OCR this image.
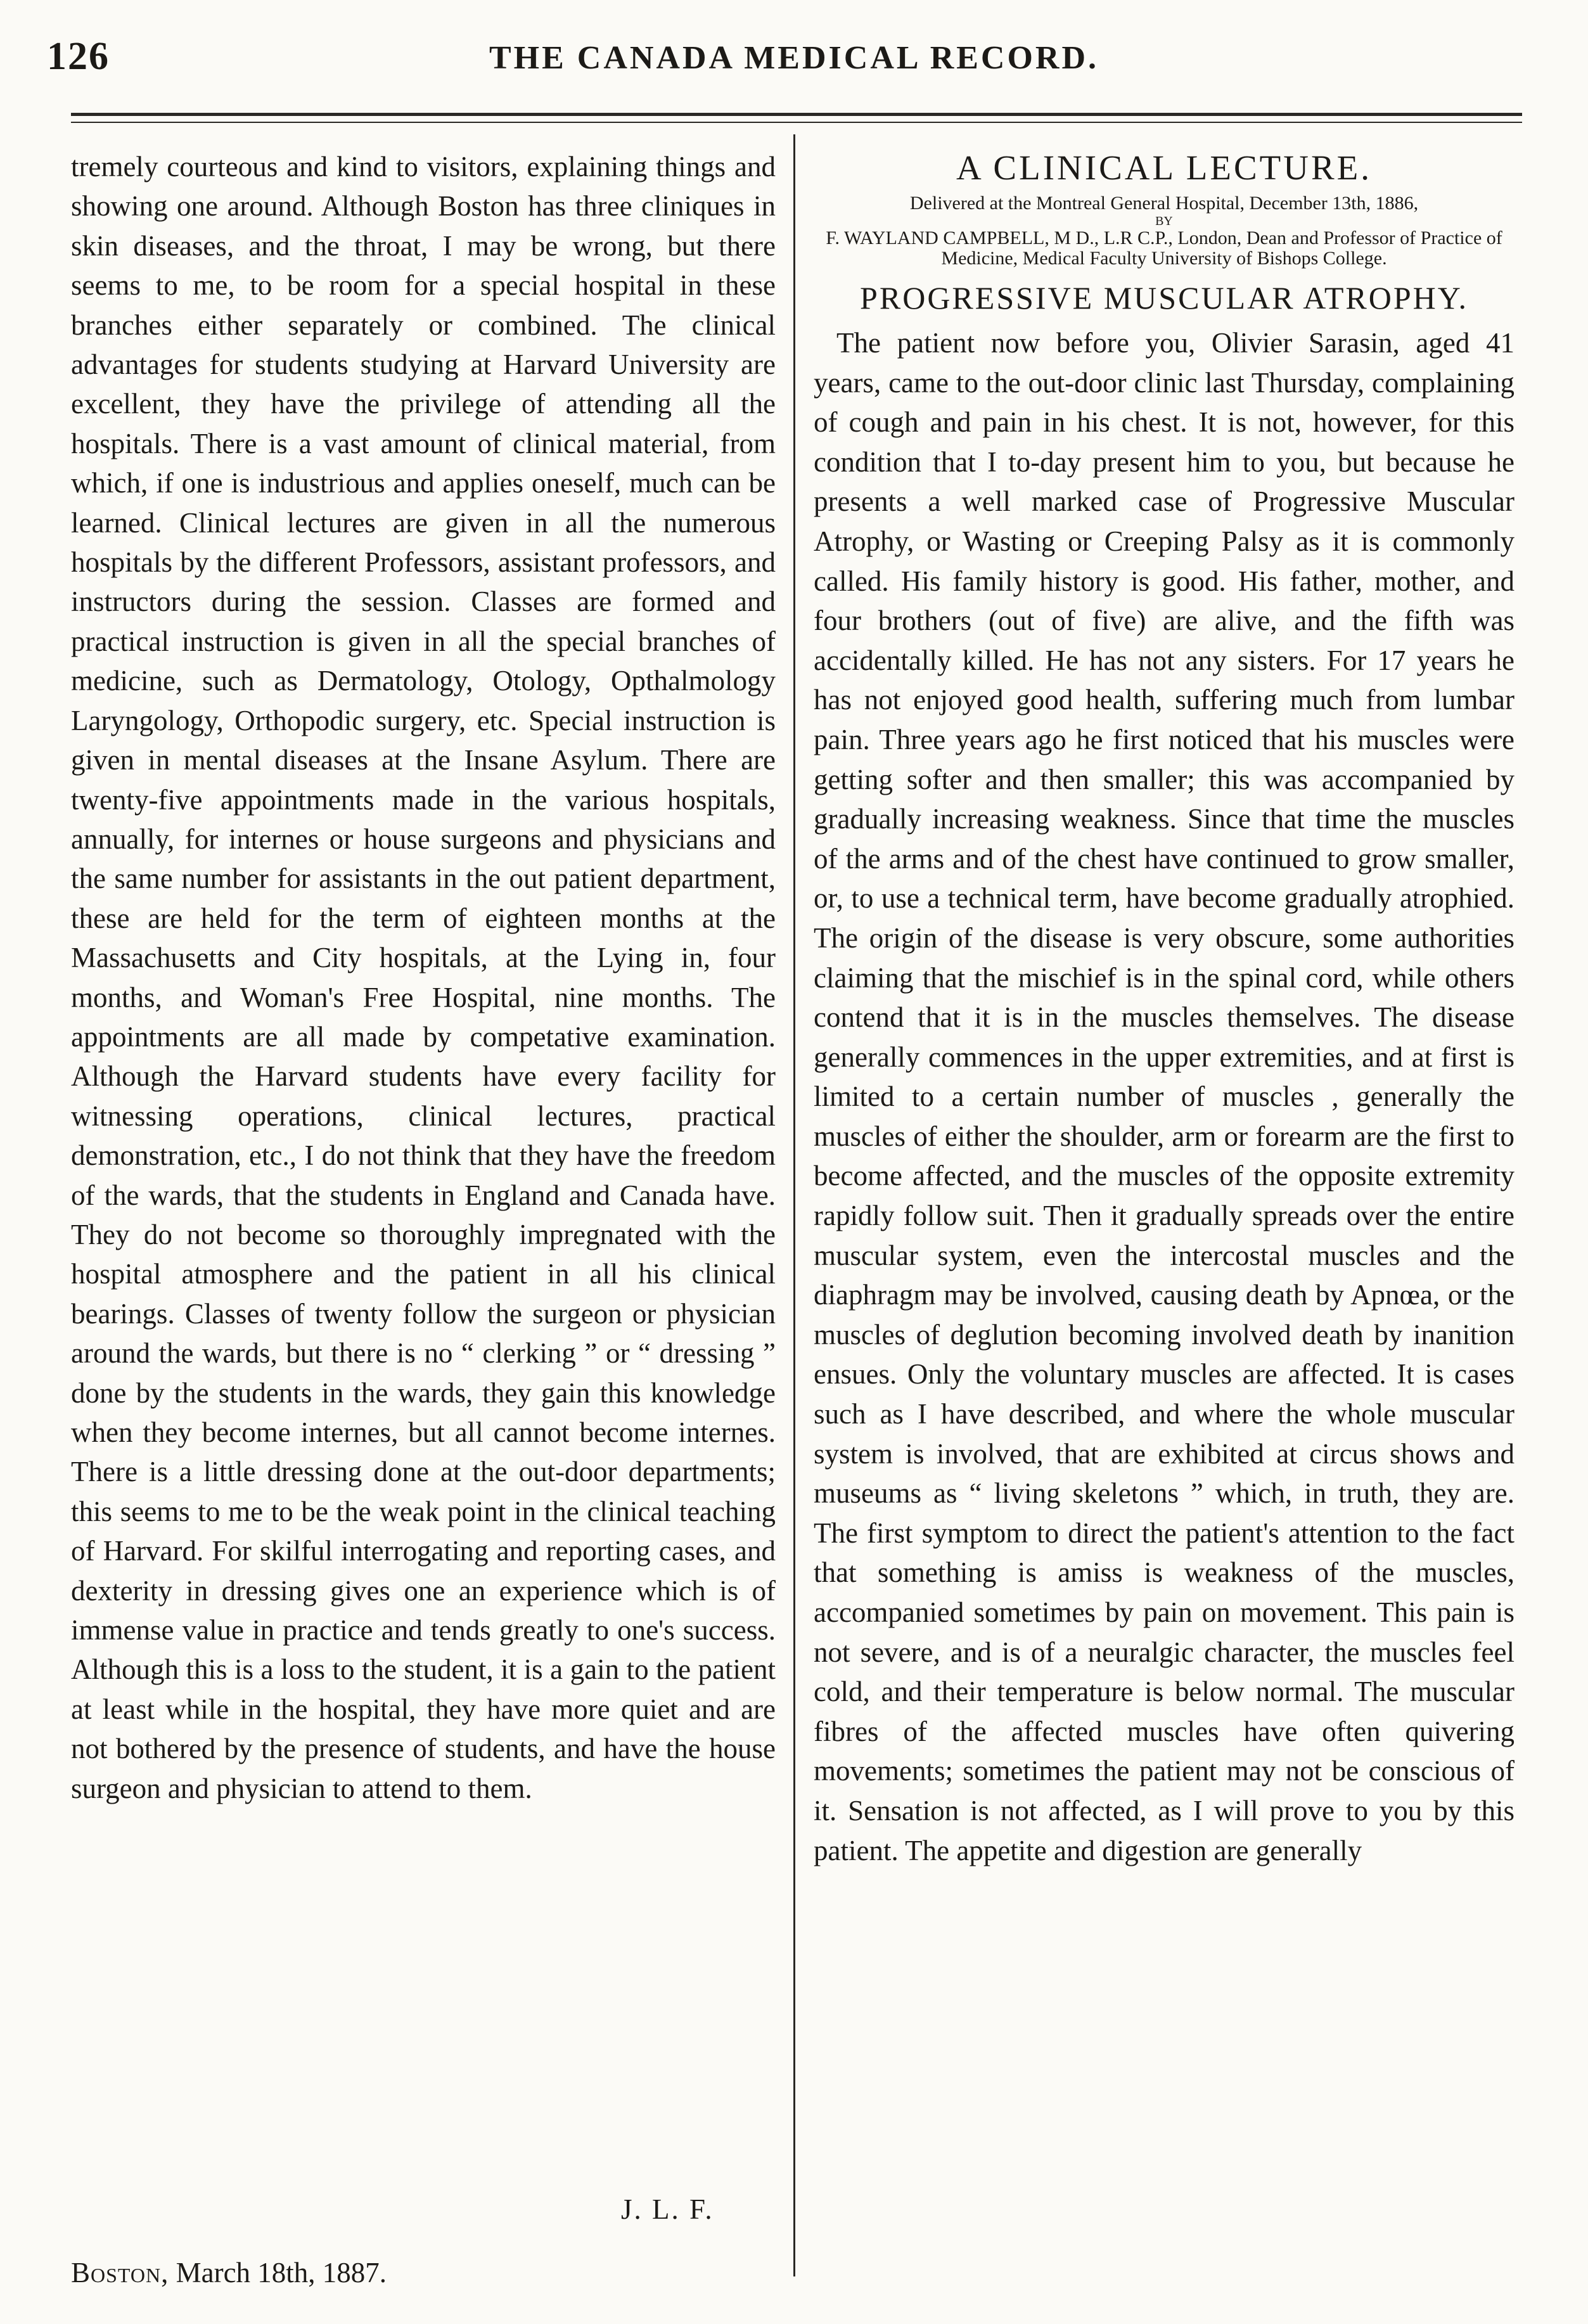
126	THE CANADA MEDICAL RECORD.

tremely courteous and kind to visitors, explaining things and showing one around. Although Boston has three cliniques in skin diseases, and the throat, I may be wrong, but there seems to me, to be room for a special hospital in these branches either separately or combined. The clinical advantages for students studying at Harvard University are excellent, they have the privilege of attending all the hospitals. There is a vast amount of clinical material, from which, if one is industrious and applies oneself, much can be learned. Clinical lectures are given in all the numerous hospitals by the different Professors, assistant professors, and instructors during the session. Classes are formed and practical instruction is given in all the special branches of medicine, such as Dermatology, Otology, Opthalmology Laryngology, Orthopodic surgery, etc. Special instruction is given in mental diseases at the Insane Asylum. There are twenty-five appointments made in the various hospitals, annually, for internes or house surgeons and physicians and the same number for assistants in the out patient department, these are held for the term of eighteen months at the Massachusetts and City hospitals, at the Lying in, four months, and Woman's Free Hospital, nine months. The appointments are all made by competative examination. Although the Harvard students have every facility for witnessing operations, clinical lectures, practical demonstration, etc., I do not think that they have the freedom of the wards, that the students in England and Canada have. They do not become so thoroughly impregnated with the hospital atmosphere and the patient in all his clinical bearings. Classes of twenty follow the surgeon or physician around the wards, but there is no “ clerking ” or “ dressing ” done by the students in the wards, they gain this knowledge when they become internes, but all cannot become internes. There is a little dressing done at the out-door departments; this seems to me to be the weak point in the clinical teaching of Harvard. For skilful interrogating and reporting cases, and dexterity in dressing gives one an experience which is of immense value in practice and tends greatly to one's success. Although this is a loss to the student, it is a gain to the patient at least while in the hospital, they have more quiet and are not bothered by the presence of students, and have the house surgeon and physician to attend to them.

J. L. F.
Boston, March 18th, 1887.
A CLINICAL LECTURE.
Delivered at the Montreal General Hospital, December 13th, 1886,
BY
F. WAYLAND CAMPBELL, M D., L.R C.P., London, Dean and Professor of Practice of Medicine, Medical Faculty University of Bishops College.
PROGRESSIVE MUSCULAR ATROPHY.

The patient now before you, Olivier Sarasin, aged 41 years, came to the out-door clinic last Thursday, complaining of cough and pain in his chest. It is not, however, for this condition that I to-day present him to you, but because he presents a well marked case of Progressive Muscular Atrophy, or Wasting or Creeping Palsy as it is commonly called. His family history is good. His father, mother, and four brothers (out of five) are alive, and the fifth was accidentally killed. He has not any sisters. For 17 years he has not enjoyed good health, suffering much from lumbar pain. Three years ago he first noticed that his muscles were getting softer and then smaller; this was accompanied by gradually increasing weakness. Since that time the muscles of the arms and of the chest have continued to grow smaller, or, to use a technical term, have become gradually atrophied. The origin of the disease is very obscure, some authorities claiming that the mischief is in the spinal cord, while others contend that it is in the muscles themselves. The disease generally commences in the upper extremities, and at first is limited to a certain number of muscles , generally the muscles of either the shoulder, arm or forearm are the first to become affected, and the muscles of the opposite extremity rapidly follow suit. Then it gradually spreads over the entire muscular system, even the intercostal muscles and the diaphragm may be involved, causing death by Apnœa, or the muscles of deglution becoming involved death by inanition ensues. Only the voluntary muscles are affected. It is cases such as I have described, and where the whole muscular system is involved, that are exhibited at circus shows and museums as “ living skeletons ” which, in truth, they are. The first symptom to direct the patient's attention to the fact that something is amiss is weakness of the muscles, accompanied sometimes by pain on movement. This pain is not severe, and is of a neuralgic character, the muscles feel cold, and their temperature is below normal. The muscular fibres of the affected muscles have often quivering movements; sometimes the patient may not be conscious of it. Sensation is not affected, as I will prove to you by this patient. The appetite and digestion are generally
